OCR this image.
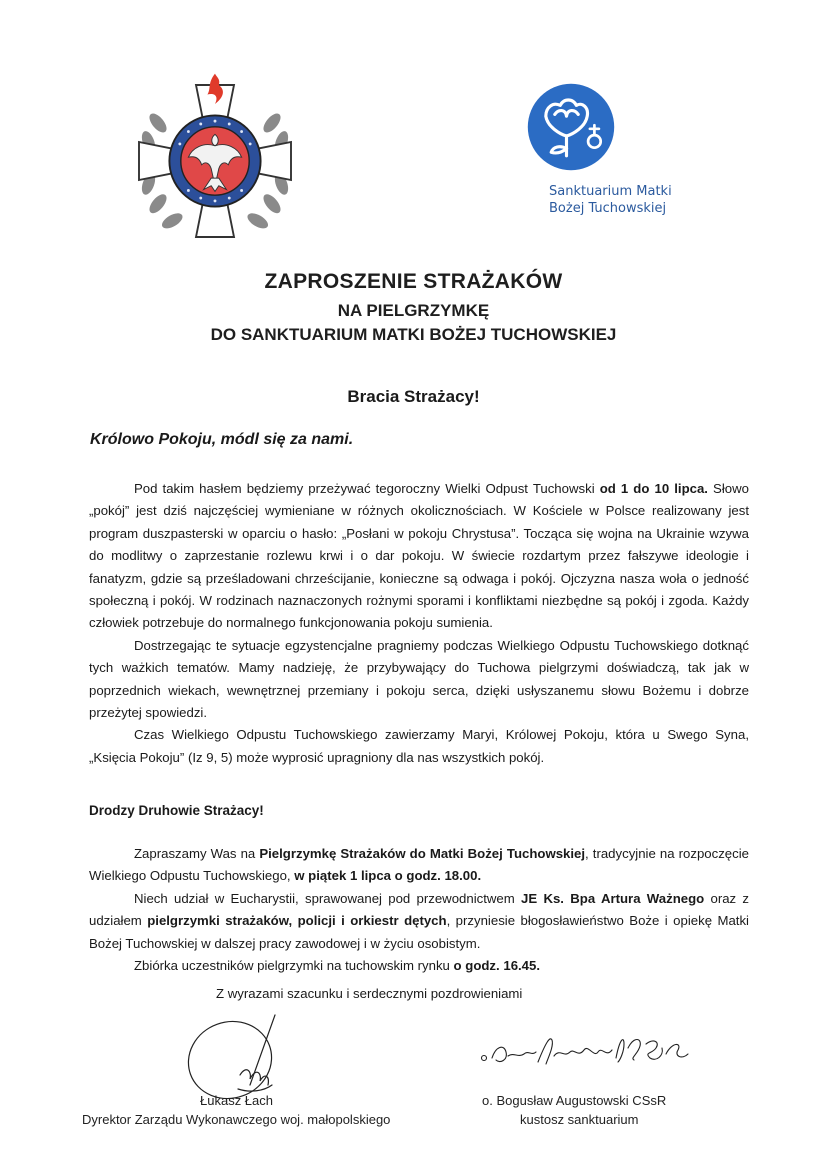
Sanktuarium Matki
Bożej Tuchowskiej
ZAPROSZENIE STRAŻAKÓW
NA PIELGRZYMKĘ
DO SANKTUARIUM MATKI BOŻEJ TUCHOWSKIEJ
Bracia Strażacy!
Królowo Pokoju, módl się za nami.

Pod takim hasłem będziemy przeżywać tegoroczny Wielki Odpust Tuchowski od 1 do 10 lipca. Słowo „pokój” jest dziś najczęściej wymieniane w różnych okolicznościach. W Kościele w Polsce realizowany jest program duszpasterski w oparciu o hasło: „Posłani w pokoju Chrystusa”. Tocząca się wojna na Ukrainie wzywa do modlitwy o zaprzestanie rozlewu krwi i o dar pokoju. W świecie rozdartym przez fałszywe ideologie i fanatyzm, gdzie są prześladowani chrześcijanie, konieczne są odwaga i pokój. Ojczyzna nasza woła o jedność społeczną i pokój. W rodzinach naznaczonych rożnymi sporami i konfliktami niezbędne są pokój i zgoda. Każdy człowiek potrzebuje do normalnego funkcjonowania pokoju sumienia.

Dostrzegając te sytuacje egzystencjalne pragniemy podczas Wielkiego Odpustu Tuchowskiego dotknąć tych ważkich tematów. Mamy nadzieję, że przybywający do Tuchowa pielgrzymi doświadczą, tak jak w poprzednich wiekach, wewnętrznej przemiany i pokoju serca, dzięki usłyszanemu słowu Bożemu i dobrze przeżytej spowiedzi.

Czas Wielkiego Odpustu Tuchowskiego zawierzamy Maryi, Królowej Pokoju, która u Swego Syna, „Księcia Pokoju” (Iz 9, 5) może wyprosić upragniony dla nas wszystkich pokój.

Drodzy Druhowie Strażacy!

Zapraszamy Was na Pielgrzymkę Strażaków do Matki Bożej Tuchowskiej, tradycyjnie na rozpoczęcie Wielkiego Odpustu Tuchowskiego, w piątek 1 lipca o godz. 18.00.

Niech udział w Eucharystii, sprawowanej pod przewodnictwem JE Ks. Bpa Artura Ważnego oraz z udziałem pielgrzymki strażaków, policji i orkiestr dętych, przyniesie błogosławieństwo Boże i opiekę Matki Bożej Tuchowskiej w dalszej pracy zawodowej i w życiu osobistym.

Zbiórka uczestników pielgrzymki na tuchowskim rynku o godz. 16.45.

Z wyrazami szacunku i serdecznymi pozdrowieniami
Łukasz Łach
Dyrektor Zarządu Wykonawczego woj. małopolskiego
o. Bogusław Augustowski CSsR
kustosz sanktuarium
